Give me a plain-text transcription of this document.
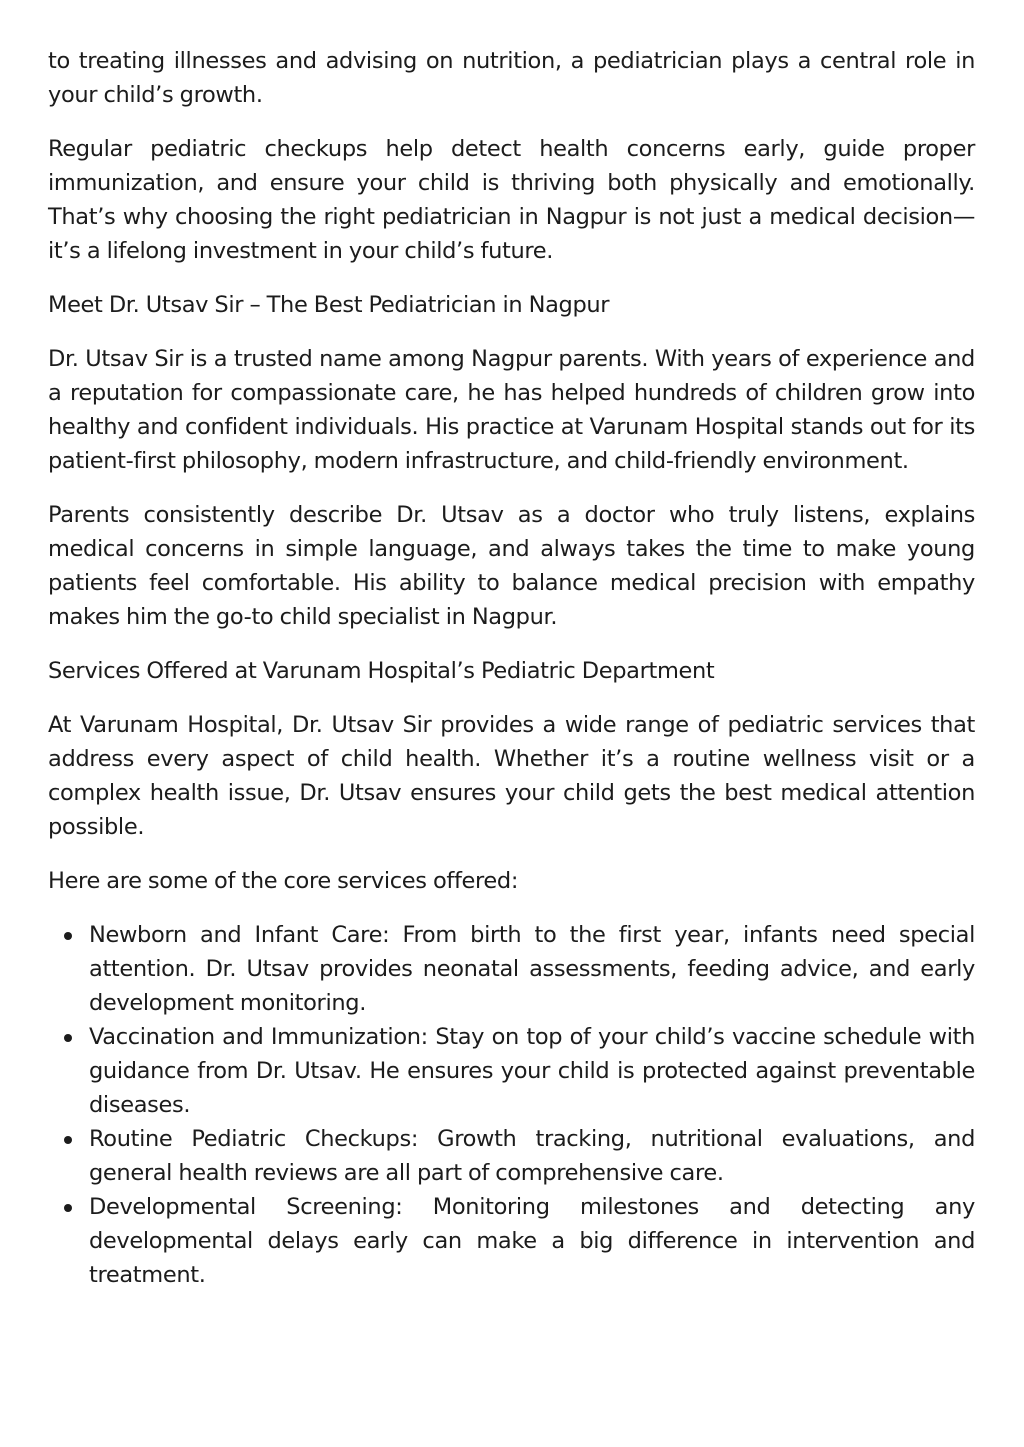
to treating illnesses and advising on nutrition, a pediatrician plays a central role in your child’s growth.

Regular pediatric checkups help detect health concerns early, guide proper immunization, and ensure your child is thriving both physically and emotionally. That’s why choosing the right pediatrician in Nagpur is not just a medical decision—it’s a lifelong investment in your child’s future.

Meet Dr. Utsav Sir – The Best Pediatrician in Nagpur

Dr. Utsav Sir is a trusted name among Nagpur parents. With years of experience and a reputation for compassionate care, he has helped hundreds of children grow into healthy and confident individuals. His practice at Varunam Hospital stands out for its patient-first philosophy, modern infrastructure, and child-friendly environment.

Parents consistently describe Dr. Utsav as a doctor who truly listens, explains medical concerns in simple language, and always takes the time to make young patients feel comfortable. His ability to balance medical precision with empathy makes him the go-to child specialist in Nagpur.

Services Offered at Varunam Hospital’s Pediatric Department

At Varunam Hospital, Dr. Utsav Sir provides a wide range of pediatric services that address every aspect of child health. Whether it’s a routine wellness visit or a complex health issue, Dr. Utsav ensures your child gets the best medical attention possible.

Here are some of the core services offered:

Newborn and Infant Care: From birth to the first year, infants need special attention. Dr. Utsav provides neonatal assessments, feeding advice, and early development monitoring.
Vaccination and Immunization: Stay on top of your child’s vaccine schedule with guidance from Dr. Utsav. He ensures your child is protected against preventable diseases.
Routine Pediatric Checkups: Growth tracking, nutritional evaluations, and general health reviews are all part of comprehensive care.
Developmental Screening: Monitoring milestones and detecting any developmental delays early can make a big difference in intervention and treatment.
